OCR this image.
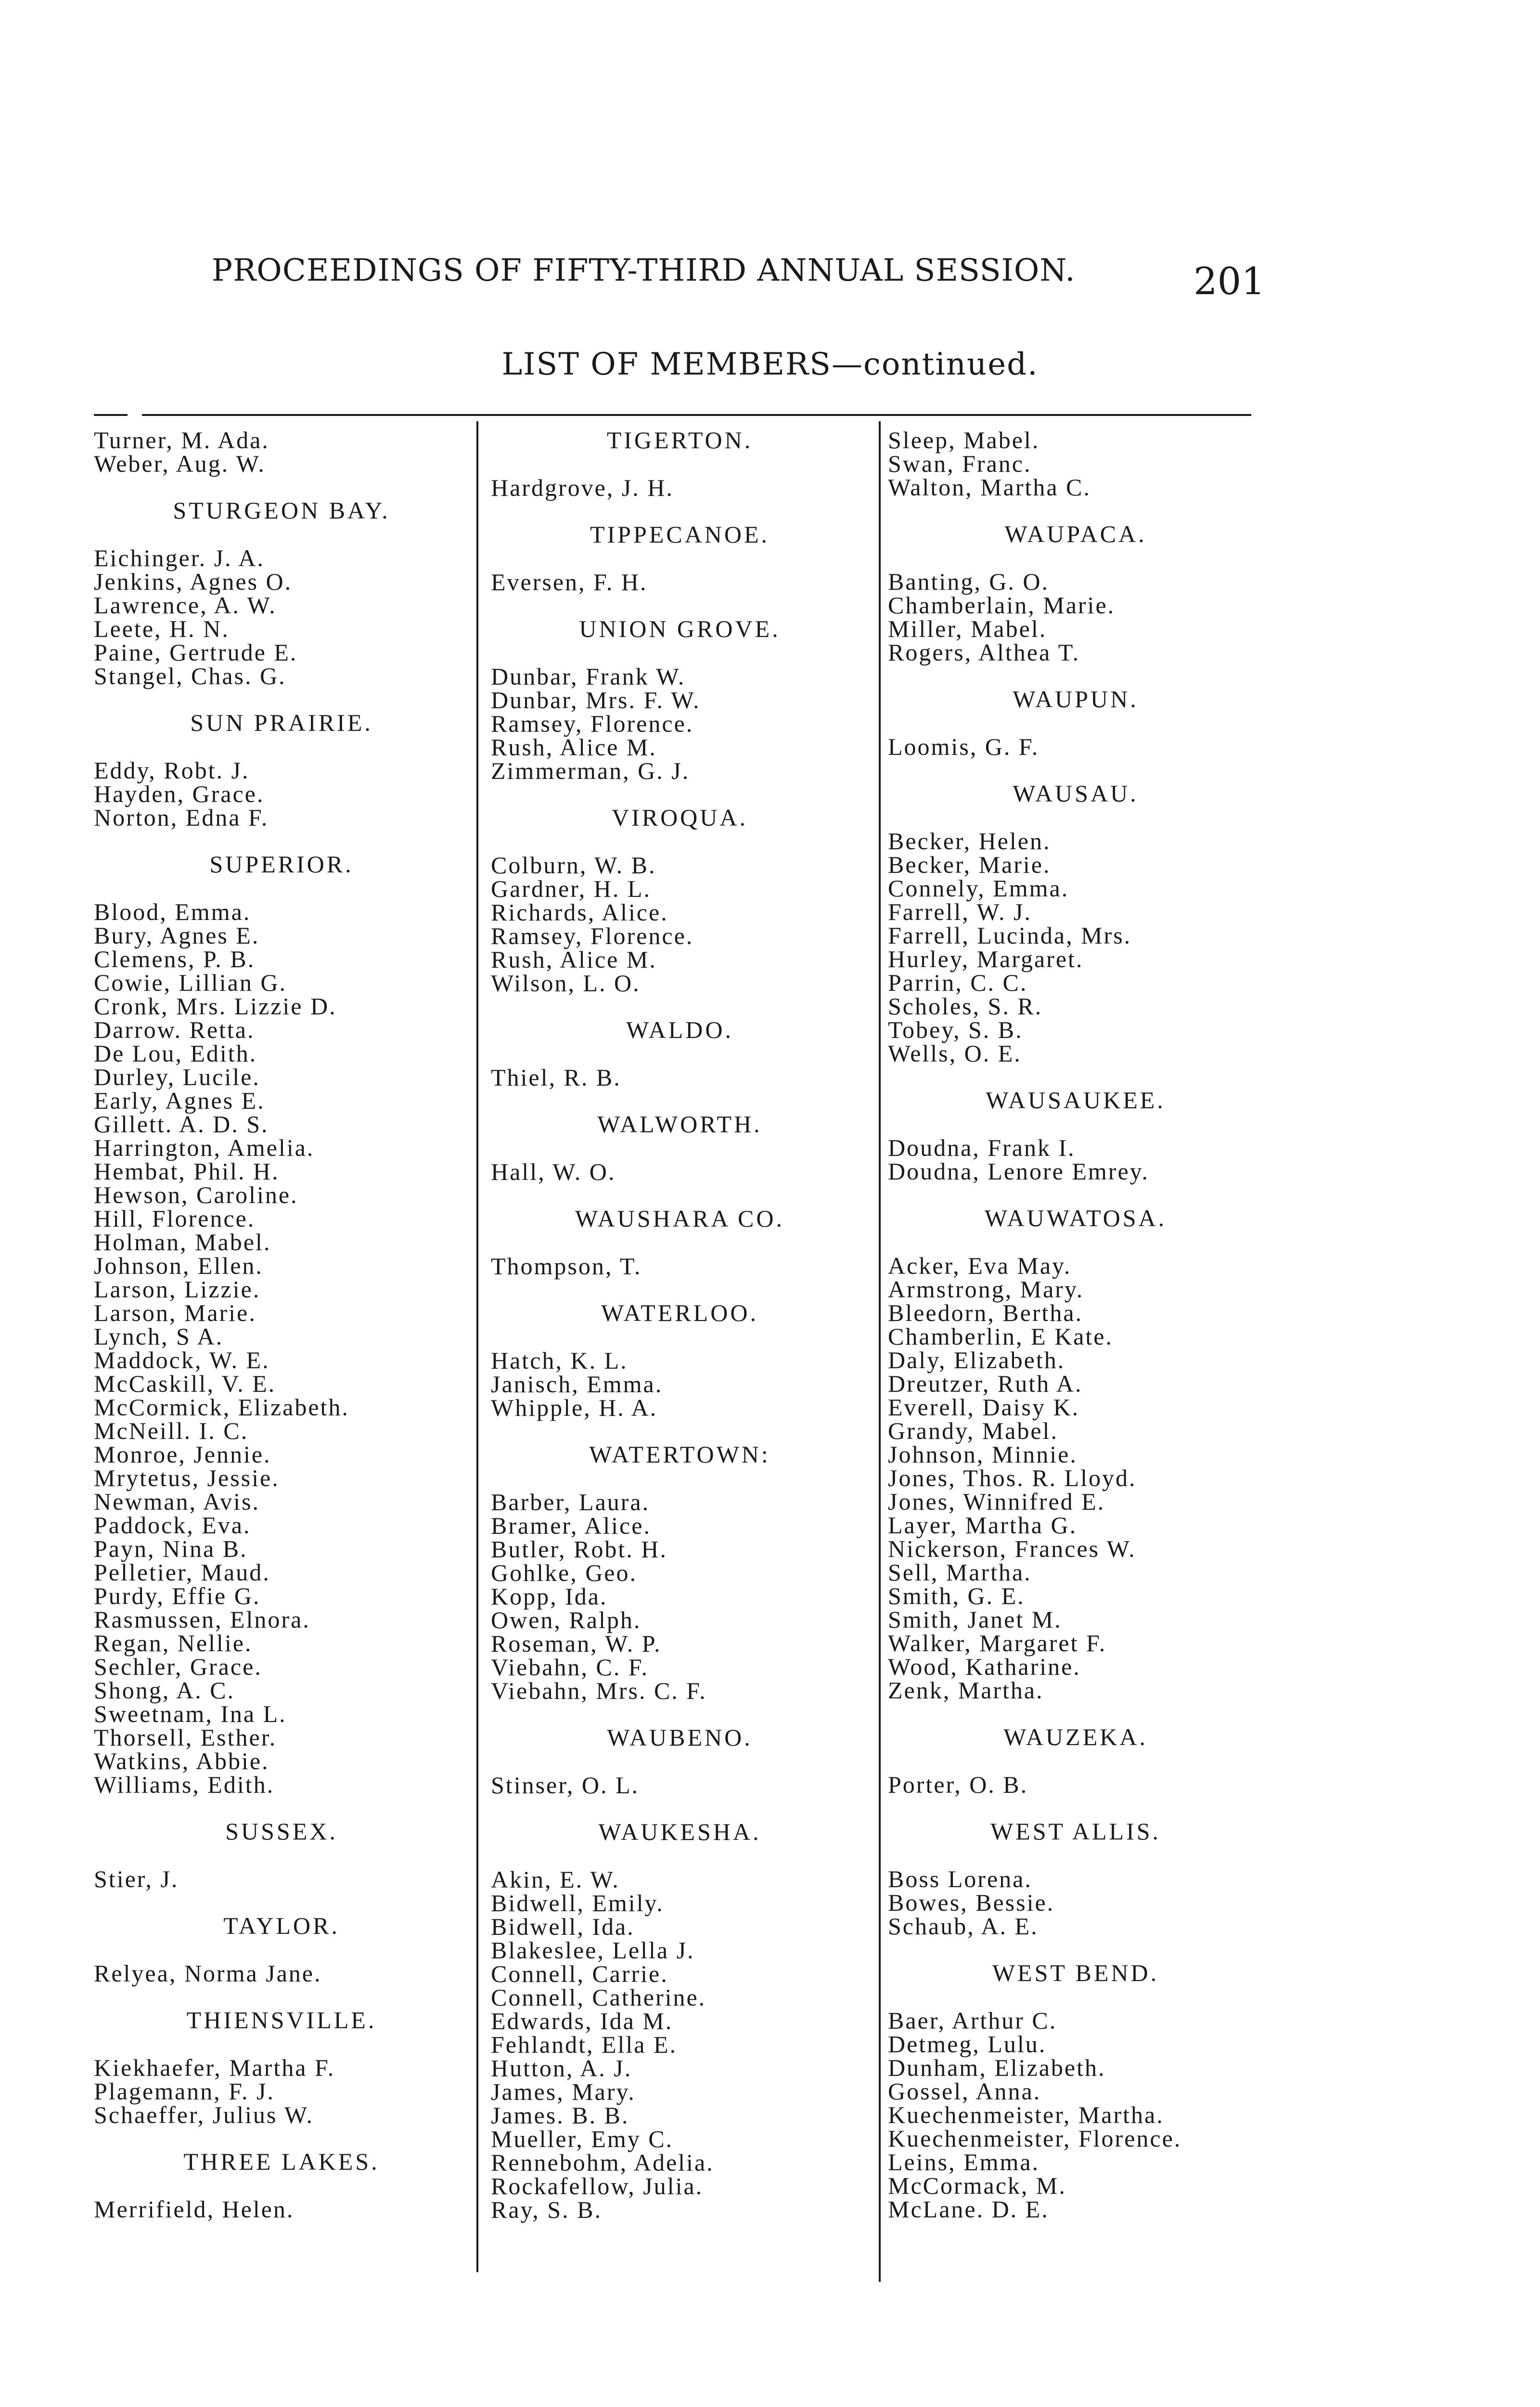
PROCEEDINGS OF FIFTY-THIRD ANNUAL SESSION.	201
LIST OF MEMBERS—continued.
Turner, M. Ada.
Weber, Aug. W.
STURGEON BAY.
Eichinger. J. A.
Jenkins, Agnes O.
Lawrence, A. W.
Leete, H. N.
Paine, Gertrude E.
Stangel, Chas. G.
SUN PRAIRIE.
Eddy, Robt. J.
Hayden, Grace.
Norton, Edna F.
SUPERIOR.
Blood, Emma.
Bury, Agnes E.
Clemens, P. B.
Cowie, Lillian G.
Cronk, Mrs. Lizzie D.
Darrow. Retta.
De Lou, Edith.
Durley, Lucile.
Early, Agnes E.
Gillett. A. D. S.
Harrington, Amelia.
Hembat, Phil. H.
Hewson, Caroline.
Hill, Florence.
Holman, Mabel.
Johnson, Ellen.
Larson, Lizzie.
Larson, Marie.
Lynch, S A.
Maddock, W. E.
McCaskill, V. E.
McCormick, Elizabeth.
McNeill. I. C.
Monroe, Jennie.
Mrytetus, Jessie.
Newman, Avis.
Paddock, Eva.
Payn, Nina B.
Pelletier, Maud.
Purdy, Effie G.
Rasmussen, Elnora.
Regan, Nellie.
Sechler, Grace.
Shong, A. C.
Sweetnam, Ina L.
Thorsell, Esther.
Watkins, Abbie.
Williams, Edith.
SUSSEX.
Stier, J.
TAYLOR.
Relyea, Norma Jane.
THIENSVILLE.
Kiekhaefer, Martha F.
Plagemann, F. J.
Schaeffer, Julius W.
THREE LAKES.
Merrifield, Helen.
TIGERTON.
Hardgrove, J. H.
TIPPECANOE.
Eversen, F. H.
UNION GROVE.
Dunbar, Frank W.
Dunbar, Mrs. F. W.
Ramsey, Florence.
Rush, Alice M.
Zimmerman, G. J.
VIROQUA.
Colburn, W. B.
Gardner, H. L.
Richards, Alice.
Ramsey, Florence.
Rush, Alice M.
Wilson, L. O.
WALDO.
Thiel, R. B.
WALWORTH.
Hall, W. O.
WAUSHARA CO.
Thompson, T.
WATERLOO.
Hatch, K. L.
Janisch, Emma.
Whipple, H. A.
WATERTOWN:
Barber, Laura.
Bramer, Alice.
Butler, Robt. H.
Gohlke, Geo.
Kopp, Ida.
Owen, Ralph.
Roseman, W. P.
Viebahn, C. F.
Viebahn, Mrs. C. F.
WAUBENO.
Stinser, O. L.
WAUKESHA.
Akin, E. W.
Bidwell, Emily.
Bidwell, Ida.
Blakeslee, Lella J.
Connell, Carrie.
Connell, Catherine.
Edwards, Ida M.
Fehlandt, Ella E.
Hutton, A. J.
James, Mary.
James. B. B.
Mueller, Emy C.
Rennebohm, Adelia.
Rockafellow, Julia.
Ray, S. B.
Sleep, Mabel.
Swan, Franc.
Walton, Martha C.
WAUPACA.
Banting, G. O.
Chamberlain, Marie.
Miller, Mabel.
Rogers, Althea T.
WAUPUN.
Loomis, G. F.
WAUSAU.
Becker, Helen.
Becker, Marie.
Connely, Emma.
Farrell, W. J.
Farrell, Lucinda, Mrs.
Hurley, Margaret.
Parrin, C. C.
Scholes, S. R.
Tobey, S. B.
Wells, O. E.
WAUSAUKEE.
Doudna, Frank I.
Doudna, Lenore Emrey.
WAUWATOSA.
Acker, Eva May.
Armstrong, Mary.
Bleedorn, Bertha.
Chamberlin, E Kate.
Daly, Elizabeth.
Dreutzer, Ruth A.
Everell, Daisy K.
Grandy, Mabel.
Johnson, Minnie.
Jones, Thos. R. Lloyd.
Jones, Winnifred E.
Layer, Martha G.
Nickerson, Frances W.
Sell, Martha.
Smith, G. E.
Smith, Janet M.
Walker, Margaret F.
Wood, Katharine.
Zenk, Martha.
WAUZEKA.
Porter, O. B.
WEST ALLIS.
Boss Lorena.
Bowes, Bessie.
Schaub, A. E.
WEST BEND.
Baer, Arthur C.
Detmeg, Lulu.
Dunham, Elizabeth.
Gossel, Anna.
Kuechenmeister, Martha.
Kuechenmeister, Florence.
Leins, Emma.
McCormack, M.
McLane. D. E.
